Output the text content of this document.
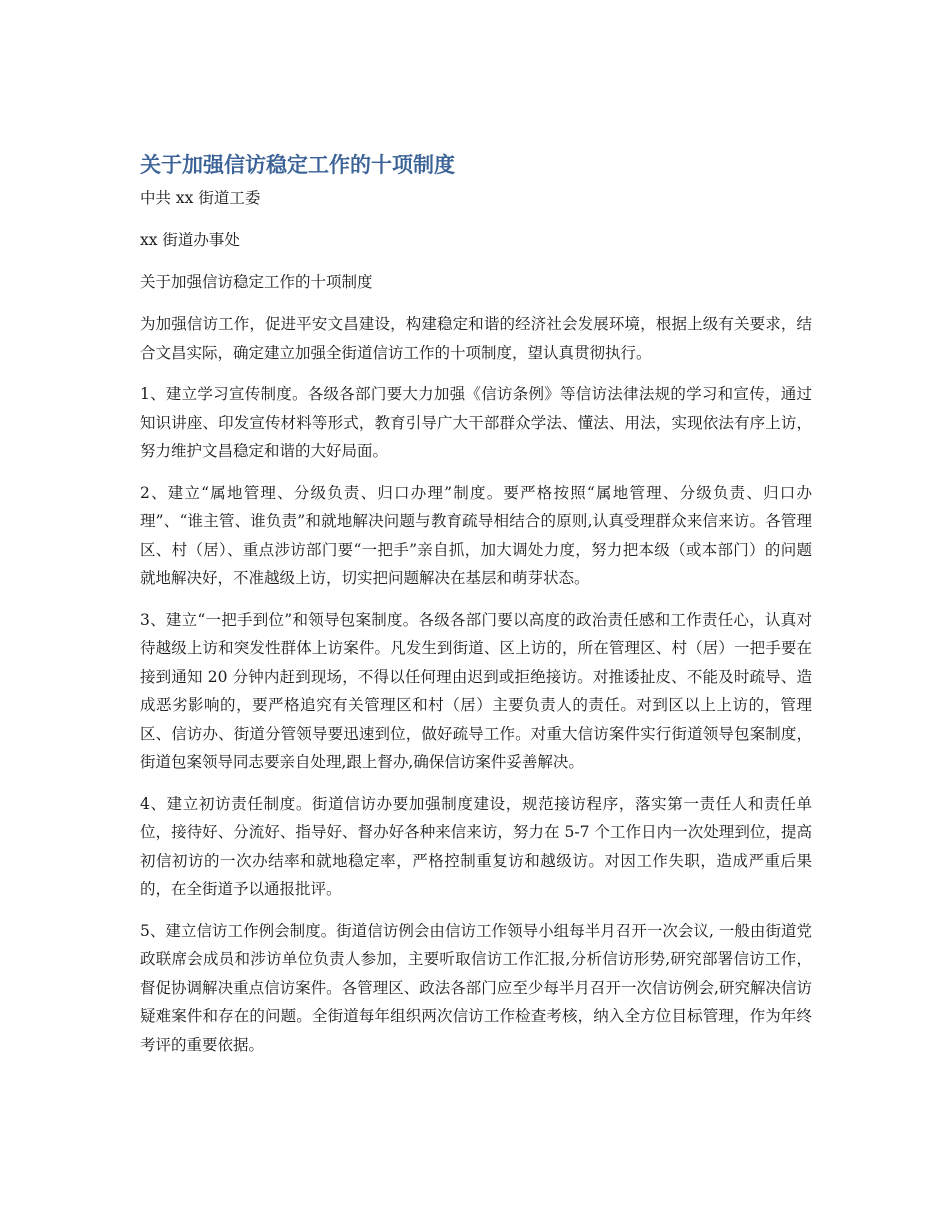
关于加强信访稳定工作的十项制度
中共 xx 街道工委
xx 街道办事处
关于加强信访稳定工作的十项制度

为加强信访工作，促进平安文昌建设，构建稳定和谐的经济社会发展环境，根据上级有关要求，结合文昌实际，确定建立加强全街道信访工作的十项制度，望认真贯彻执行。

1、建立学习宣传制度。各级各部门要大力加强《信访条例》等信访法律法规的学习和宣传，通过知识讲座、印发宣传材料等形式，教育引导广大干部群众学法、懂法、用法，实现依法有序上访，努力维护文昌稳定和谐的大好局面。

2、建立“属地管理、分级负责、归口办理”制度。要严格按照“属地管理、分级负责、归口办理”、“谁主管、谁负责”和就地解决问题与教育疏导相结合的原则,认真受理群众来信来访。各管理区、村（居）、重点涉访部门要“一把手”亲自抓，加大调处力度，努力把本级（或本部门）的问题就地解决好，不准越级上访，切实把问题解决在基层和萌芽状态。

3、建立“一把手到位”和领导包案制度。各级各部门要以高度的政治责任感和工作责任心，认真对待越级上访和突发性群体上访案件。凡发生到街道、区上访的，所在管理区、村（居）一把手要在接到通知 20 分钟内赶到现场，不得以任何理由迟到或拒绝接访。对推诿扯皮、不能及时疏导、造成恶劣影响的，要严格追究有关管理区和村（居）主要负责人的责任。对到区以上上访的，管理区、信访办、街道分管领导要迅速到位，做好疏导工作。对重大信访案件实行街道领导包案制度，街道包案领导同志要亲自处理,跟上督办,确保信访案件妥善解决。

4、建立初访责任制度。街道信访办要加强制度建设，规范接访程序，落实第一责任人和责任单位，接待好、分流好、指导好、督办好各种来信来访，努力在 5-7 个工作日内一次处理到位，提高初信初访的一次办结率和就地稳定率，严格控制重复访和越级访。对因工作失职，造成严重后果的，在全街道予以通报批评。

5、建立信访工作例会制度。街道信访例会由信访工作领导小组每半月召开一次会议, 一般由街道党政联席会成员和涉访单位负责人参加，主要听取信访工作汇报,分析信访形势,研究部署信访工作，督促协调解决重点信访案件。各管理区、政法各部门应至少每半月召开一次信访例会,研究解决信访疑难案件和存在的问题。全街道每年组织两次信访工作检查考核，纳入全方位目标管理，作为年终考评的重要依据。
